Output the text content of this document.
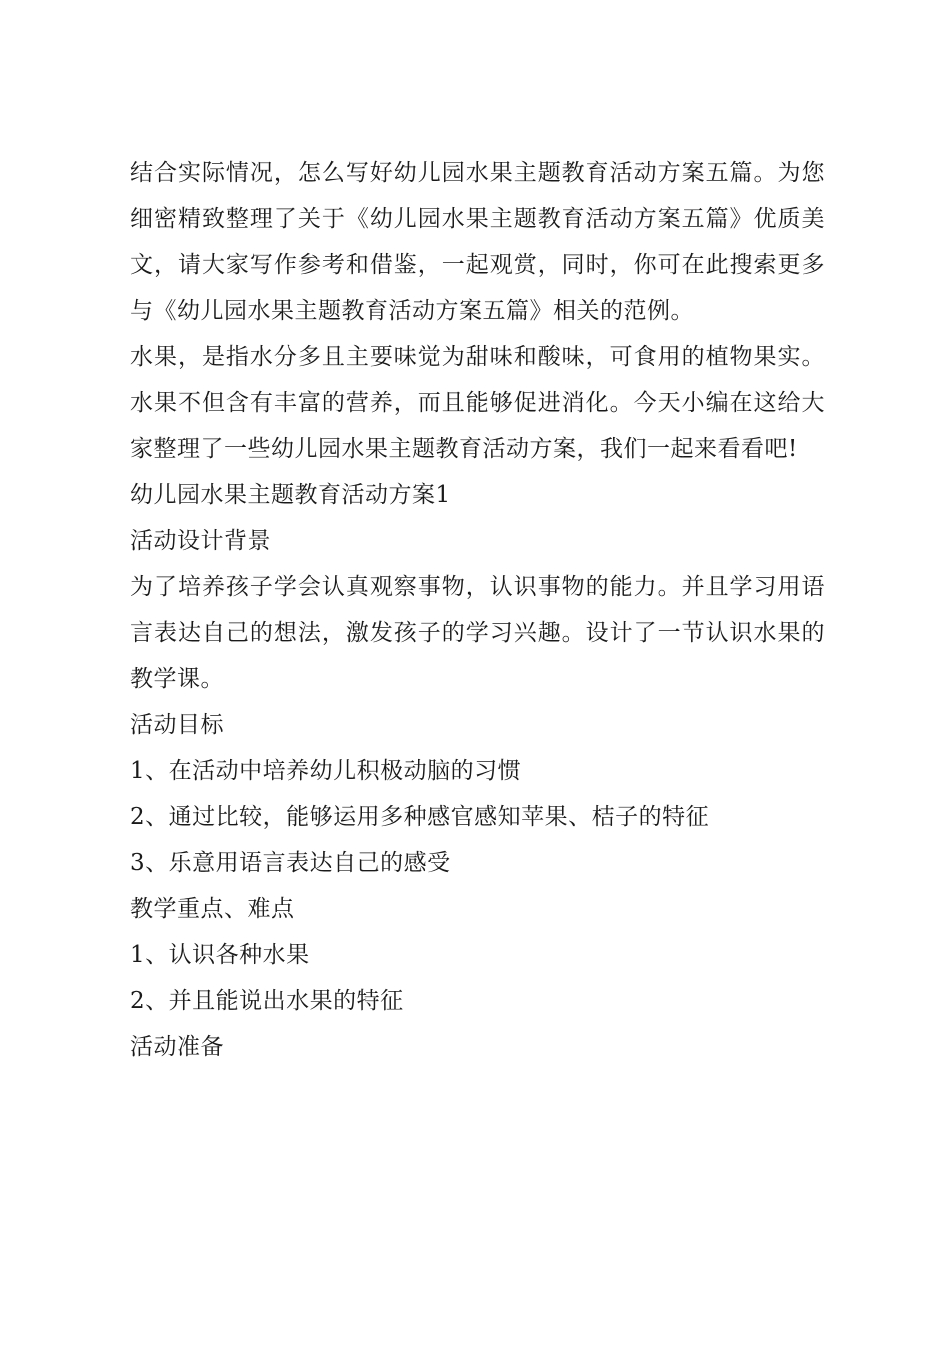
结合实际情况，怎么写好幼儿园水果主题教育活动方案五篇。为您细密精致整理了关于《幼儿园水果主题教育活动方案五篇》优质美文，请大家写作参考和借鉴，一起观赏，同时，你可在此搜索更多与《幼儿园水果主题教育活动方案五篇》相关的范例。

水果，是指水分多且主要味觉为甜味和酸味，可食用的植物果实。水果不但含有丰富的营养，而且能够促进消化。今天小编在这给大家整理了一些幼儿园水果主题教育活动方案，我们一起来看看吧!

幼儿园水果主题教育活动方案1

活动设计背景

为了培养孩子学会认真观察事物，认识事物的能力。并且学习用语言表达自己的想法，激发孩子的学习兴趣。设计了一节认识水果的教学课。

活动目标

1、在活动中培养幼儿积极动脑的习惯

2、通过比较，能够运用多种感官感知苹果、桔子的特征

3、乐意用语言表达自己的感受

教学重点、难点

1、认识各种水果

2、并且能说出水果的特征

活动准备
